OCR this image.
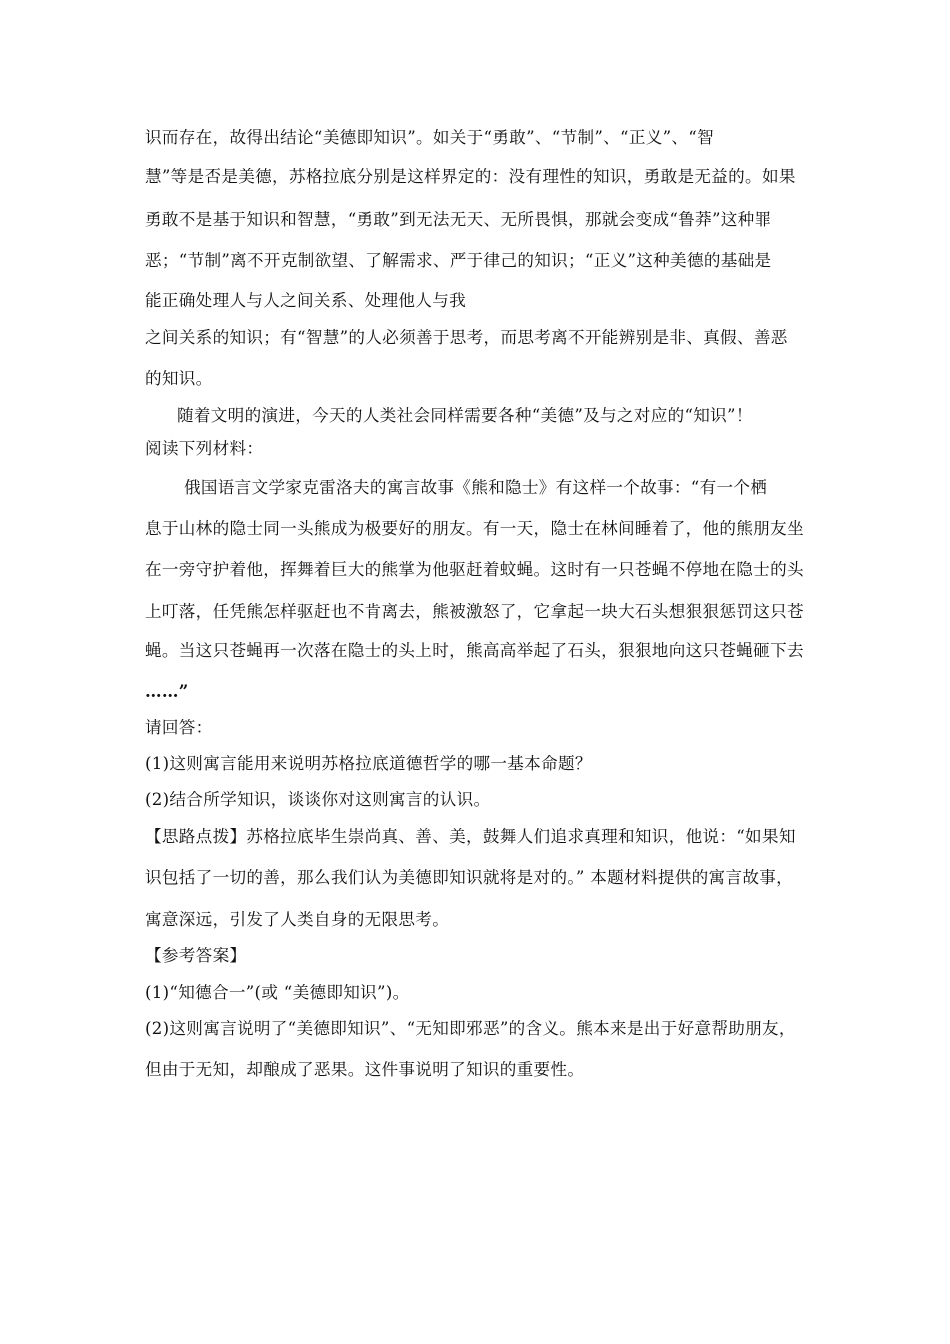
识而存在，故得出结论“美德即知识”。如关于“勇敢”、“节制”、“正义”、“智
慧”等是否是美德，苏格拉底分别是这样界定的：没有理性的知识，勇敢是无益的。如果
勇敢不是基于知识和智慧，“勇敢”到无法无天、无所畏惧，那就会变成“鲁莽”这种罪
恶；“节制”离不开克制欲望、了解需求、严于律己的知识；“正义”这种美德的基础是
能正确处理人与人之间关系、处理他人与我
之间关系的知识；有“智慧”的人必须善于思考，而思考离不开能辨别是非、真假、善恶
的知识。
随着文明的演进，今天的人类社会同样需要各种“美德”及与之对应的“知识”！
阅读下列材料：
俄国语言文学家克雷洛夫的寓言故事《熊和隐士》有这样一个故事：“有一个栖
息于山林的隐士同一头熊成为极要好的朋友。有一天，隐士在林间睡着了，他的熊朋友坐
在一旁守护着他，挥舞着巨大的熊掌为他驱赶着蚊蝇。这时有一只苍蝇不停地在隐士的头
上叮落，任凭熊怎样驱赶也不肯离去，熊被激怒了，它拿起一块大石头想狠狠惩罚这只苍
蝇。当这只苍蝇再一次落在隐士的头上时，熊高高举起了石头，狠狠地向这只苍蝇砸下去
……”
请回答：
(1)这则寓言能用来说明苏格拉底道德哲学的哪一基本命题？
(2)结合所学知识，谈谈你对这则寓言的认识。
【思路点拨】苏格拉底毕生崇尚真、善、美，鼓舞人们追求真理和知识，他说：“如果知
识包括了一切的善，那么我们认为美德即知识就将是对的。” 本题材料提供的寓言故事，
寓意深远，引发了人类自身的无限思考。
【参考答案】
(1)“知德合一”(或 “美德即知识”)。
(2)这则寓言说明了“美德即知识”、“无知即邪恶”的含义。熊本来是出于好意帮助朋友，
但由于无知，却酿成了恶果。这件事说明了知识的重要性。
